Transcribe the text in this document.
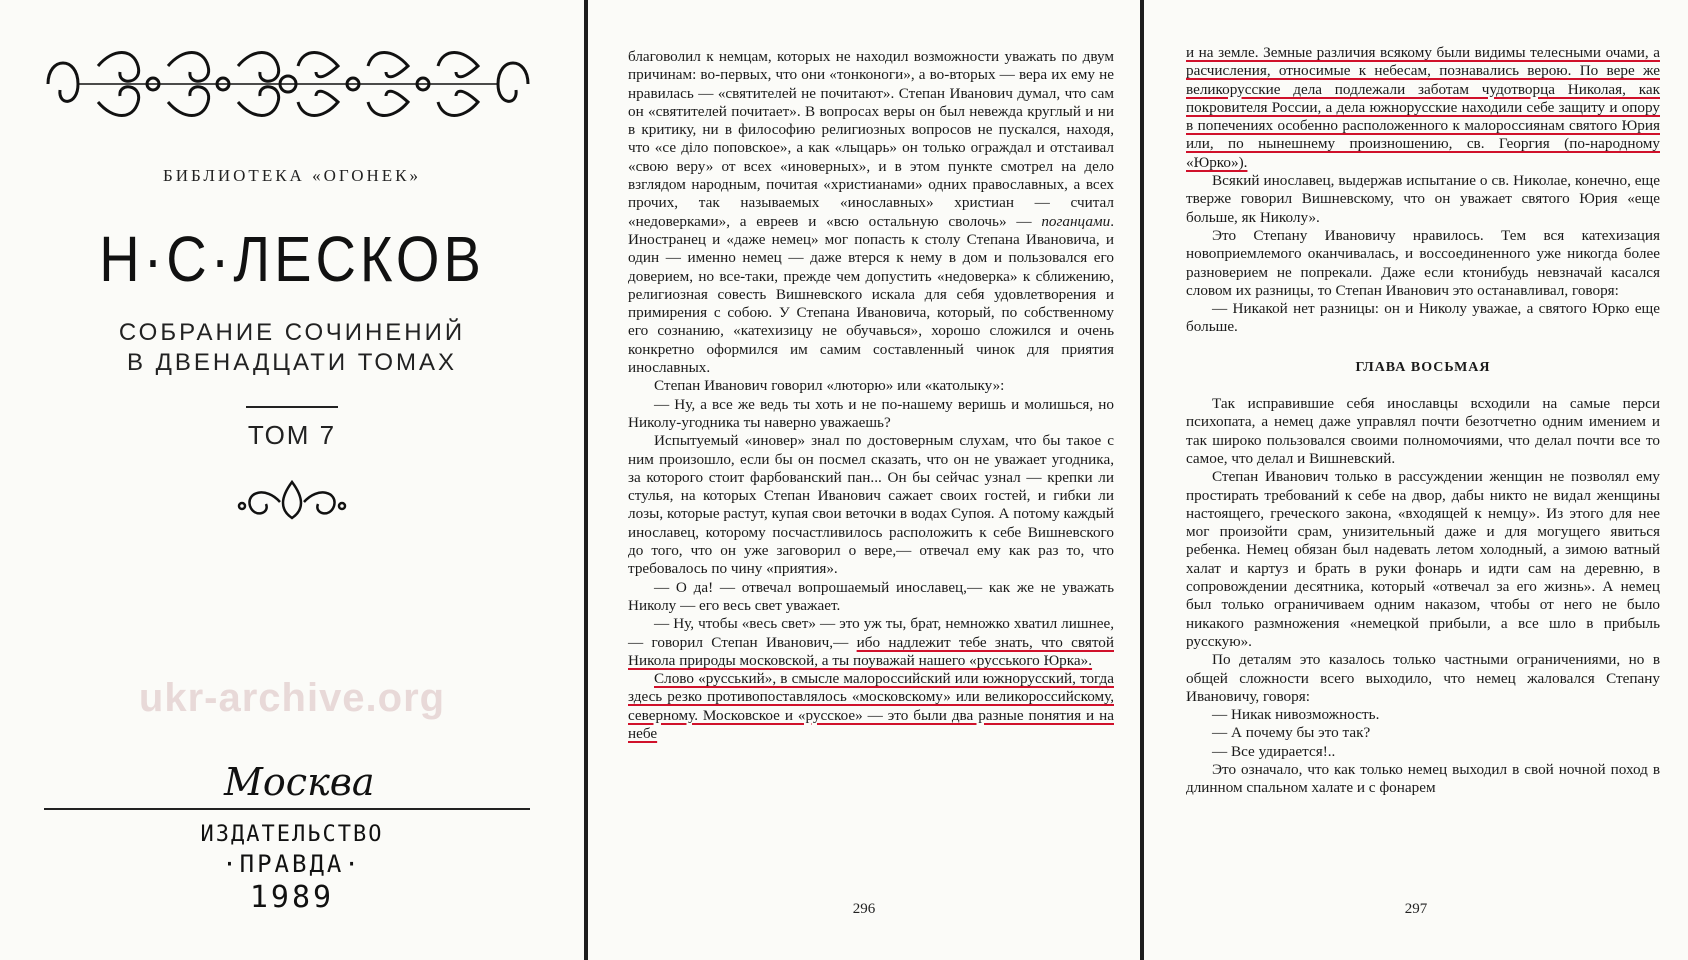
БИБЛИОТЕКА «ОГОНЕК»
Н·С·ЛЕСКОВ
СОБРАНИЕ СОЧИНЕНИЙ
В ДВЕНАДЦАТИ ТОМАХ
ТОМ 7
ukr-archive.org
Москва
ИЗДАТЕЛЬСТВО
·ПРАВДА·
1989

благоволил к немцам, которых не находил возможности уважать по двум причинам: во-первых, что они «тонконоги», а во-вторых — вера их ему не нравилась — «святителей не почитают». Степан Иванович думал, что сам он «святителей почитает». В вопросах веры он был невежда круглый и ни в критику, ни в философию религиозных вопросов не пускался, находя, что «се діло поповское», а как «лыцарь» он только ограждал и отстаивал «свою веру» от всех «иноверных», и в этом пункте смотрел на дело взглядом народным, почитая «христианами» одних православных, а всех прочих, так называемых «инославных» христиан — считал «недоверками», а евреев и «всю остальную сволочь» — поганцами. Иностранец и «даже немец» мог попасть к столу Степана Ивановича, и один — именно немец — даже втерся к нему в дом и пользовался его доверием, но все-таки, прежде чем допустить «недоверка» к сближению, религиозная совесть Вишневского искала для себя удовлетворения и примирения с собою. У Степана Ивановича, который, по собственному его сознанию, «катехизицу не обучавься», хорошо сложился и очень конкретно оформился им самим составленный чинок для приятия инославных.

Степан Иванович говорил «люторю» или «католыку»:

— Ну, а все же ведь ты хоть и не по-нашему веришь и молишься, но Николу-угодника ты наверно уважаешь?

Испытуемый «иновер» знал по достоверным слухам, что бы такое с ним произошло, если бы он посмел сказать, что он не уважает угодника, за которого стоит фарбованский пан... Он бы сейчас узнал — крепки ли стулья, на которых Степан Иванович сажает своих гостей, и гибки ли лозы, которые растут, купая свои веточки в водах Супоя. А потому каждый инославец, которому посчастливилось расположить к себе Вишневского до того, что он уже заговорил о вере,— отвечал ему как раз то, что требовалось по чину «приятия».

— О да! — отвечал вопрошаемый инославец,— как же не уважать Николу — его весь свет уважает.

— Ну, чтобы «весь свет» — это уж ты, брат, немножко хватил лишнее,— говорил Степан Иванович,— ибо надлежит тебе знать, что святой Никола природы московской, а ты поуважай нашего «русського Юрка».

Слово «русський», в смысле малороссийский или южнорусский, тогда здесь резко противопоставлялось «московскому» или великороссийскому, северному. Московское и «русское» — это были два разные понятия и на небе

296

и на земле. Земные различия всякому были видимы телесными очами, а расчисления, относимые к небесам, познавались верою. По вере же великорусские дела подлежали заботам чудотворца Николая, как покровителя России, а дела южнорусские находили себе защиту и опору в попечениях особенно расположенного к малороссиянам святого Юрия или, по нынешнему произношению, св. Георгия (по-народному «Юрко»).

Всякий инославец, выдержав испытание о св. Николае, конечно, еще тверже говорил Вишневскому, что он уважает святого Юрия «еще больше, як Николу».

Это Степану Ивановичу нравилось. Тем вся катехизация новоприемлемого оканчивалась, и воссоединенного уже никогда более разноверием не попрекали. Даже если ктонибудь невзначай касался словом их разницы, то Степан Иванович это останавливал, говоря:

— Никакой нет разницы: он и Николу уважае, а святого Юрко еще больше.

ГЛАВА ВОСЬМАЯ

Так исправившие себя инославцы всходили на самые перси психопата, а немец даже управлял почти безотчетно одним имением и так широко пользовался своими полномочиями, что делал почти все то самое, что делал и Вишневский.

Степан Иванович только в рассуждении женщин не позволял ему простирать требований к себе на двор, дабы никто не видал женщины настоящего, греческого закона, «входящей к немцу». Из этого для нее мог произойти срам, унизительный даже и для могущего явиться ребенка. Немец обязан был надевать летом холодный, а зимою ватный халат и картуз и брать в руки фонарь и идти сам на деревню, в сопровождении десятника, который «отвечал за его жизнь». А немец был только ограничиваем одним наказом, чтобы от него не было никакого размножения «немецкой прибыли, а все шло в прибыль русскую».

По деталям это казалось только частными ограничениями, но в общей сложности всего выходило, что немец жаловался Степану Ивановичу, говоря:

— Никак нивозможность.

— А почему бы это так?

— Все удирается!..

Это означало, что как только немец выходил в свой ночной поход в длинном спальном халате и с фонарем

297
